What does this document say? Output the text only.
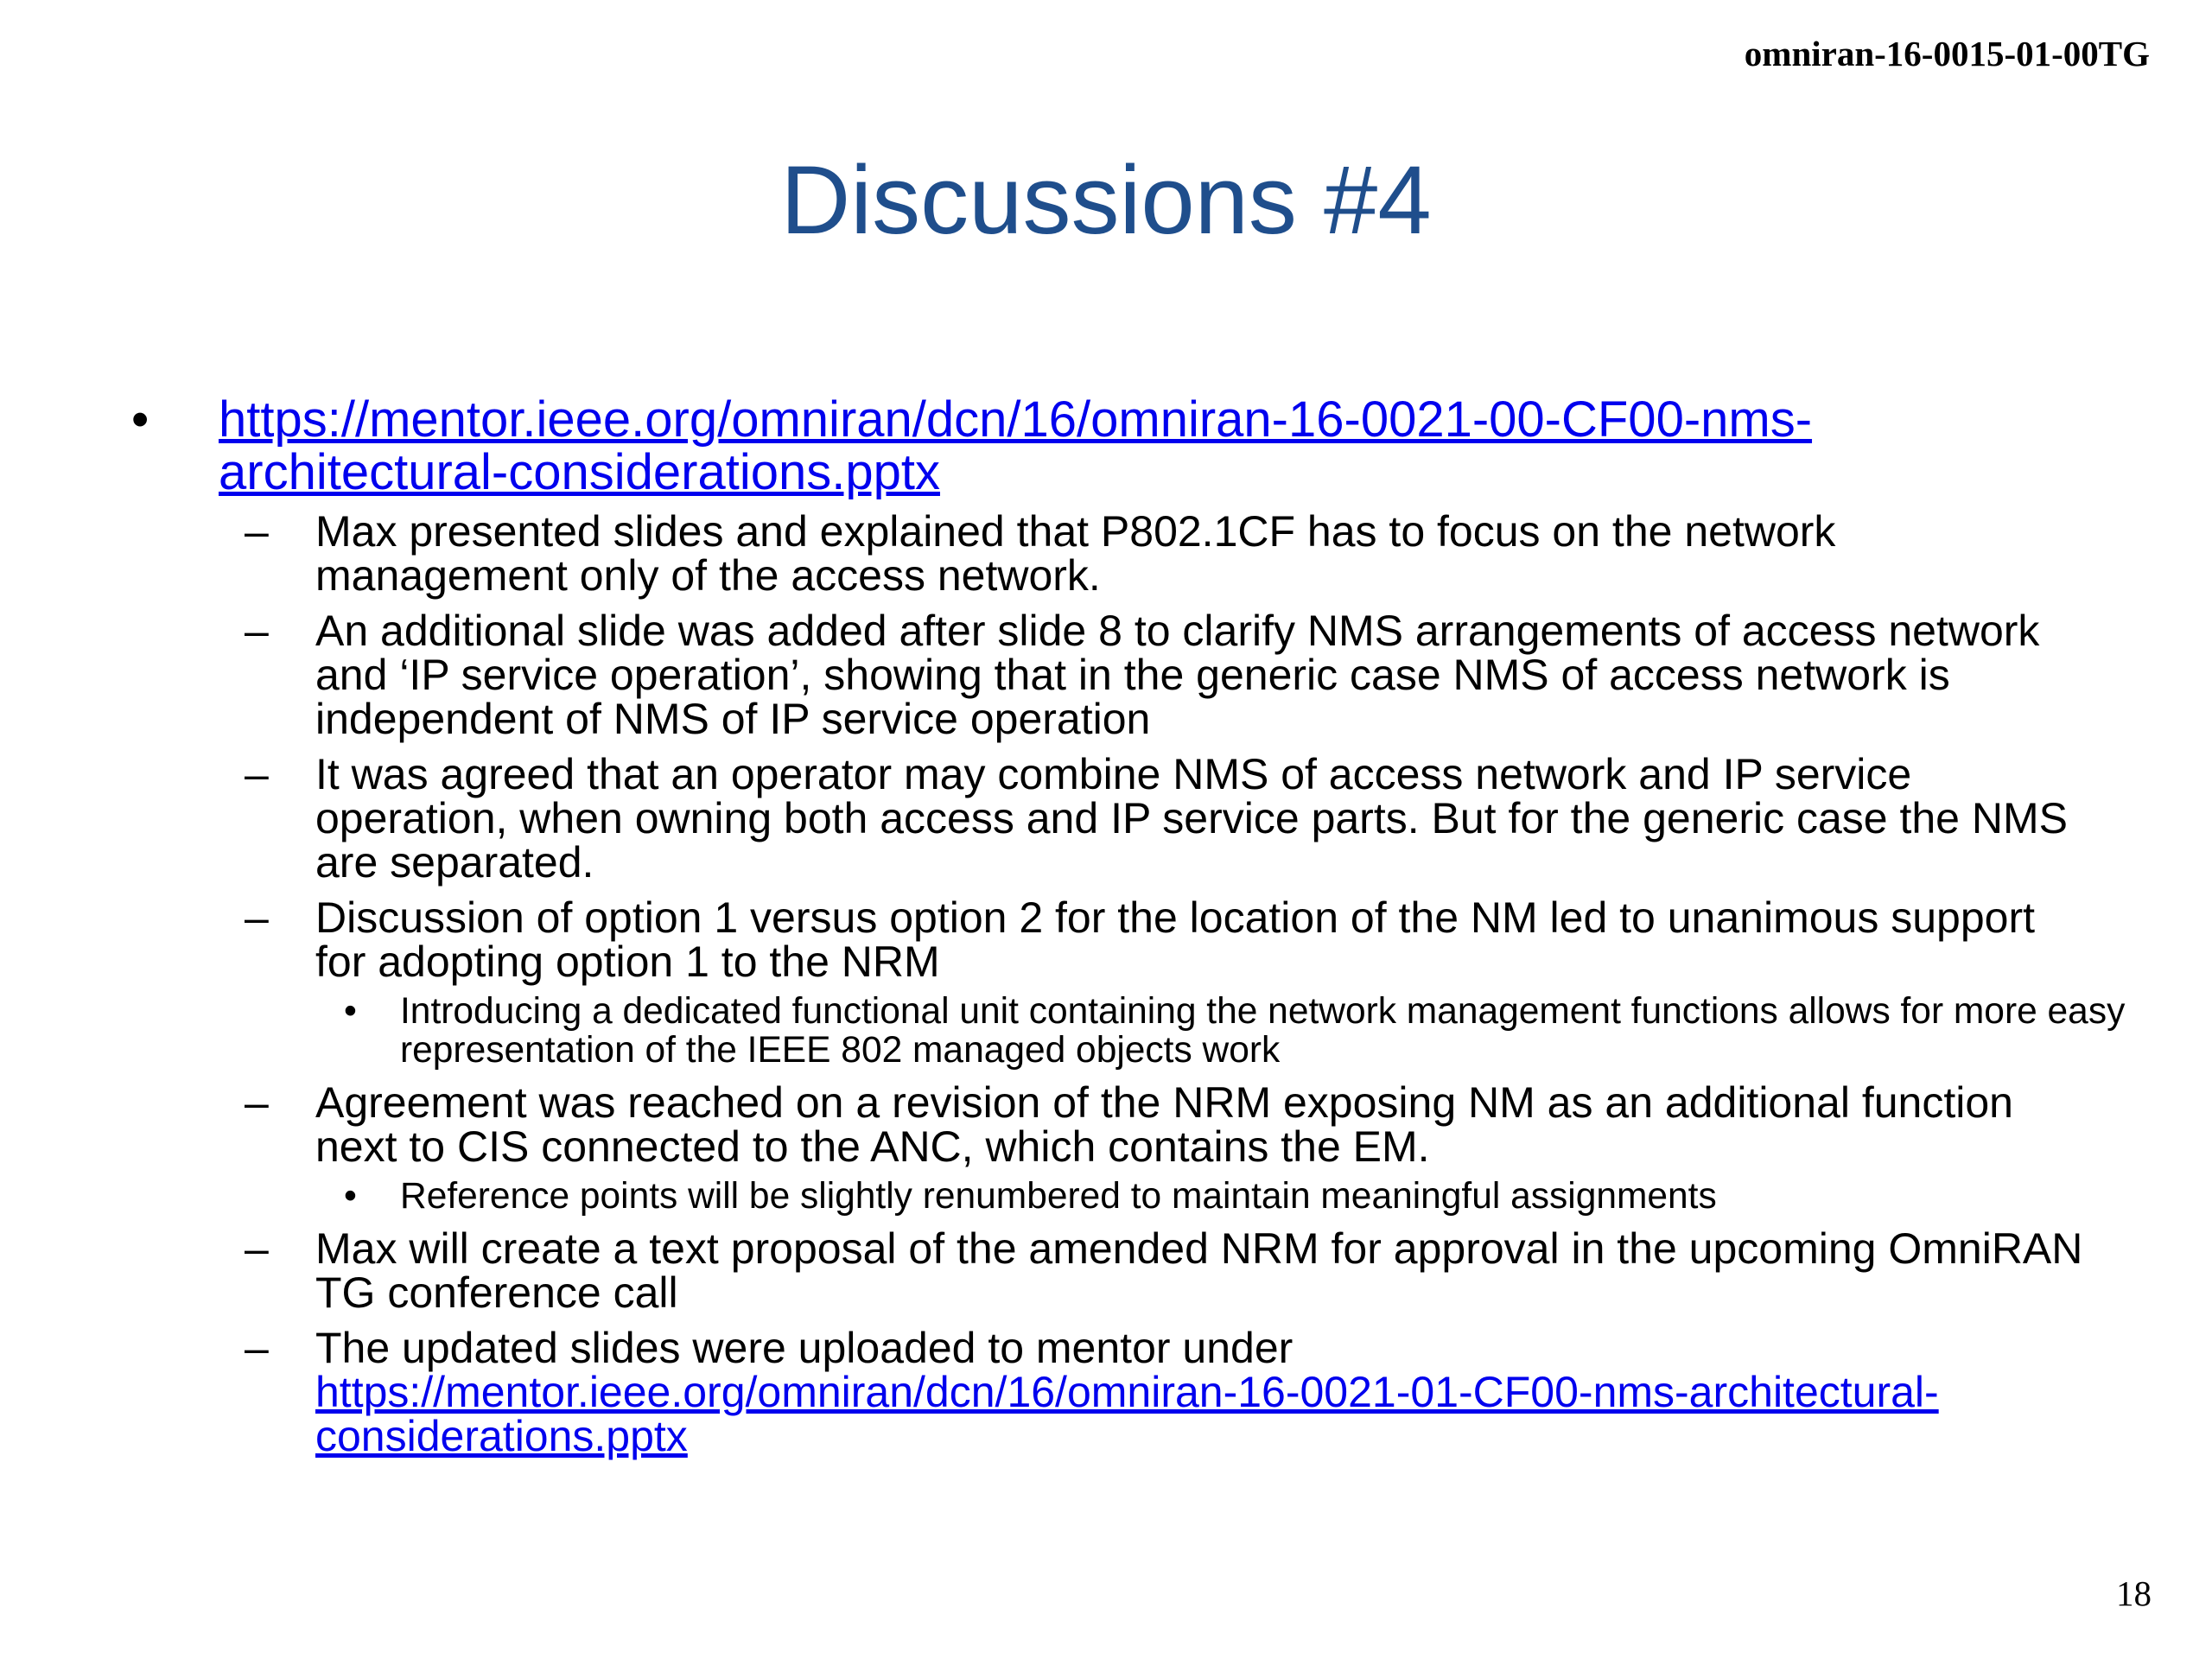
omniran-16-0015-01-00TG
Discussions #4
• https://mentor.ieee.org/omniran/dcn/16/omniran-16-0021-00-CF00-nms-
architectural-considerations.pptx
– Max presented slides and explained that P802.1CF has to focus on the network management only of the access network.
– An additional slide was added after slide 8 to clarify NMS arrangements of access network and ‘IP service operation’, showing that in the generic case NMS of access network is independent of NMS of IP service operation
– It was agreed that an operator may combine NMS of access network and IP service operation, when owning both access and IP service parts. But for the generic case the NMS are separated.
– Discussion of option 1 versus option 2 for the location of the NM led to unanimous support for adopting option 1 to the NRM
• Introducing a dedicated functional unit containing the network management functions allows for more easy representation of the IEEE 802 managed objects work
– Agreement was reached on a revision of the NRM exposing NM as an additional function next to CIS connected to the ANC, which contains the EM.
• Reference points will be slightly renumbered to maintain meaningful assignments
– Max will create a text proposal of the amended NRM for approval in the upcoming OmniRAN TG conference call
– The updated slides were uploaded to mentor under
https://mentor.ieee.org/omniran/dcn/16/omniran-16-0021-01-CF00-nms-architectural-
considerations.pptx
18
